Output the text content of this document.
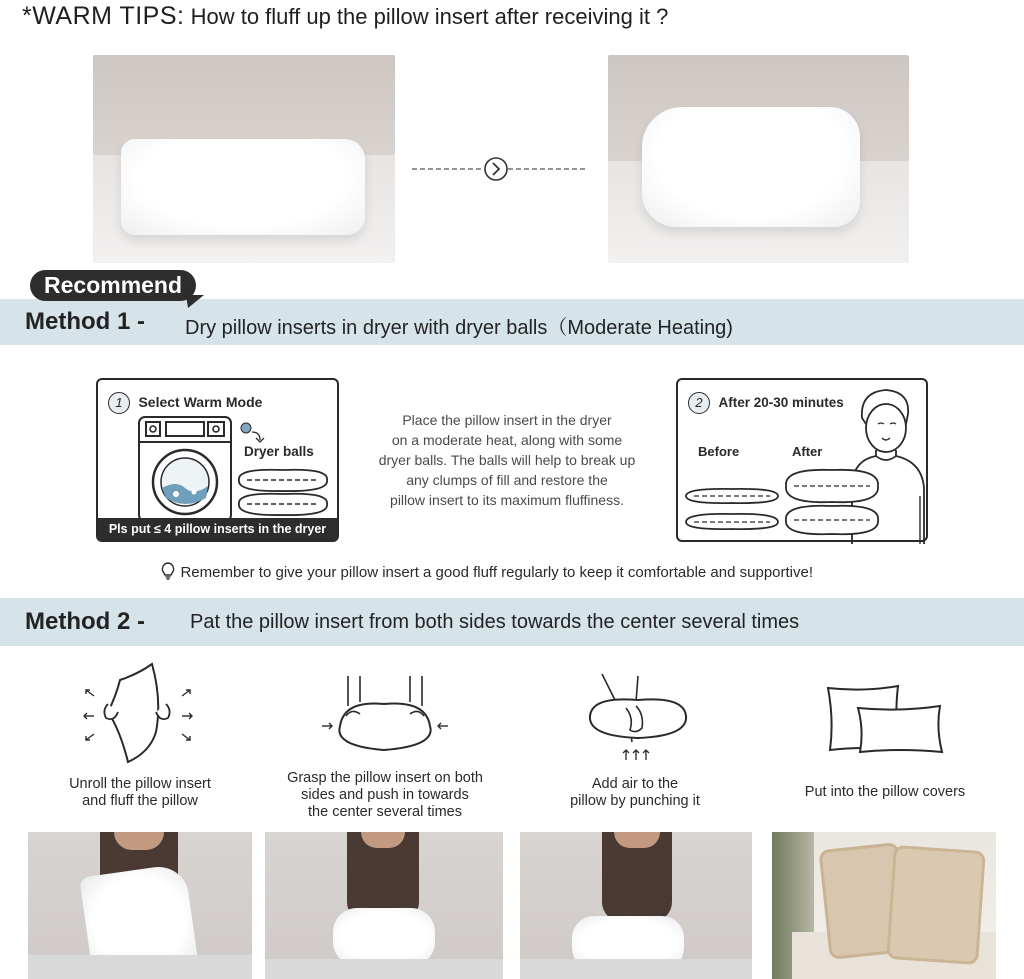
*WARM TIPS: How to fluff up the pillow insert after receiving it ?
Recommend
Method 1 - Dry pillow inserts in dryer with dryer balls（Moderate Heating)
1 Select Warm Mode
Dryer balls
Pls put ≤ 4 pillow inserts in the dryer
Place the pillow insert in the dryer
on a moderate heat, along with some
dryer balls. The balls will help to break up
any clumps of fill and restore the
pillow insert to its maximum fluffiness.
2 After 20-30 minutes
Before	After
Remember to give your pillow insert a good fluff regularly to keep it comfortable and supportive!
Method 2 - Pat the pillow insert from both sides towards the center several times
Unroll the pillow insert
and fluff the pillow
Grasp the pillow insert on both
sides and push in towards
the center several times
Add air to the
pillow by punching it
Put into the pillow covers
